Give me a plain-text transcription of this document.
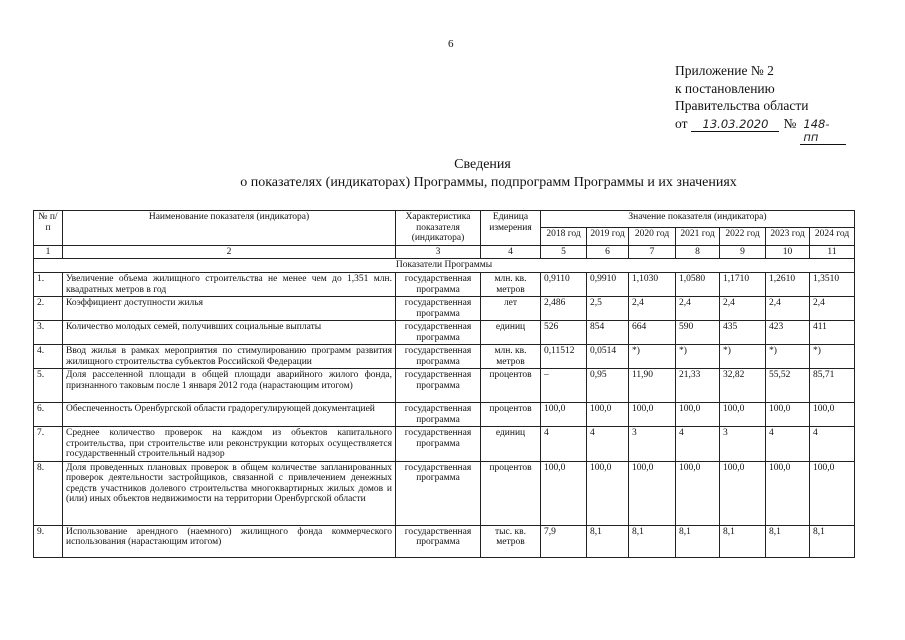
6
Приложение № 2
к постановлению
Правительства области
от	13.03.2020	№ 148-пп
Сведения
о показателях (индикаторах) Программы, подпрограмм Программы и их значениях
№ п/п	Наименование показателя (индикатора)	Характеристика показателя (индикатора)	Единица измерения	Значение показателя (индикатора)						
				2018 год	2019 год	2020 год	2021 год	2022 год	2023 год	2024 год
1	2	3	4	5	6	7	8	9	10	11
Показатели Программы										
1.	Увеличение объема жилищного строительства не менее чем до 1,351 млн. квадратных метров в год	государственная программа	млн. кв. метров	0,9110	0,9910	1,1030	1,0580	1,1710	1,2610	1,3510
2.	Коэффициент доступности жилья	государственная программа	лет	2,486	2,5	2,4	2,4	2,4	2,4	2,4
3.	Количество молодых семей, получивших социальные выплаты	государственная программа	единиц	526	854	664	590	435	423	411
4.	Ввод жилья в рамках мероприятия по стимулированию программ развития жилищного строительства субъектов Российской Федерации	государственная программа	млн. кв. метров	0,11512	0,0514	*)	*)	*)	*)	*)
5.	Доля расселенной площади в общей площади аварийного жилого фонда, признанного таковым после 1 января 2012 года (нарастающим итогом)	государственная программа	процентов	–	0,95	11,90	21,33	32,82	55,52	85,71
6.	Обеспеченность Оренбургской области градорегулирующей документацией	государственная программа	процентов	100,0	100,0	100,0	100,0	100,0	100,0	100,0
7.	Среднее количество проверок на каждом из объектов капитального строительства, при строительстве или реконструкции которых осуществляется государственный строительный надзор	государственная программа	единиц	4	4	3	4	3	4	4
8.	Доля проведенных плановых проверок в общем количестве запланированных проверок деятельности застройщиков, связанной с привлечением денежных средств участников долевого строительства многоквартирных жилых домов и (или) иных объектов недвижимости на территории Оренбургской области	государственная программа	процентов	100,0	100,0	100,0	100,0	100,0	100,0	100,0
9.	Использование арендного (наемного) жилищного фонда коммерческого использования (нарастающим итогом)	государственная программа	тыс. кв. метров	7,9	8,1	8,1	8,1	8,1	8,1	8,1
